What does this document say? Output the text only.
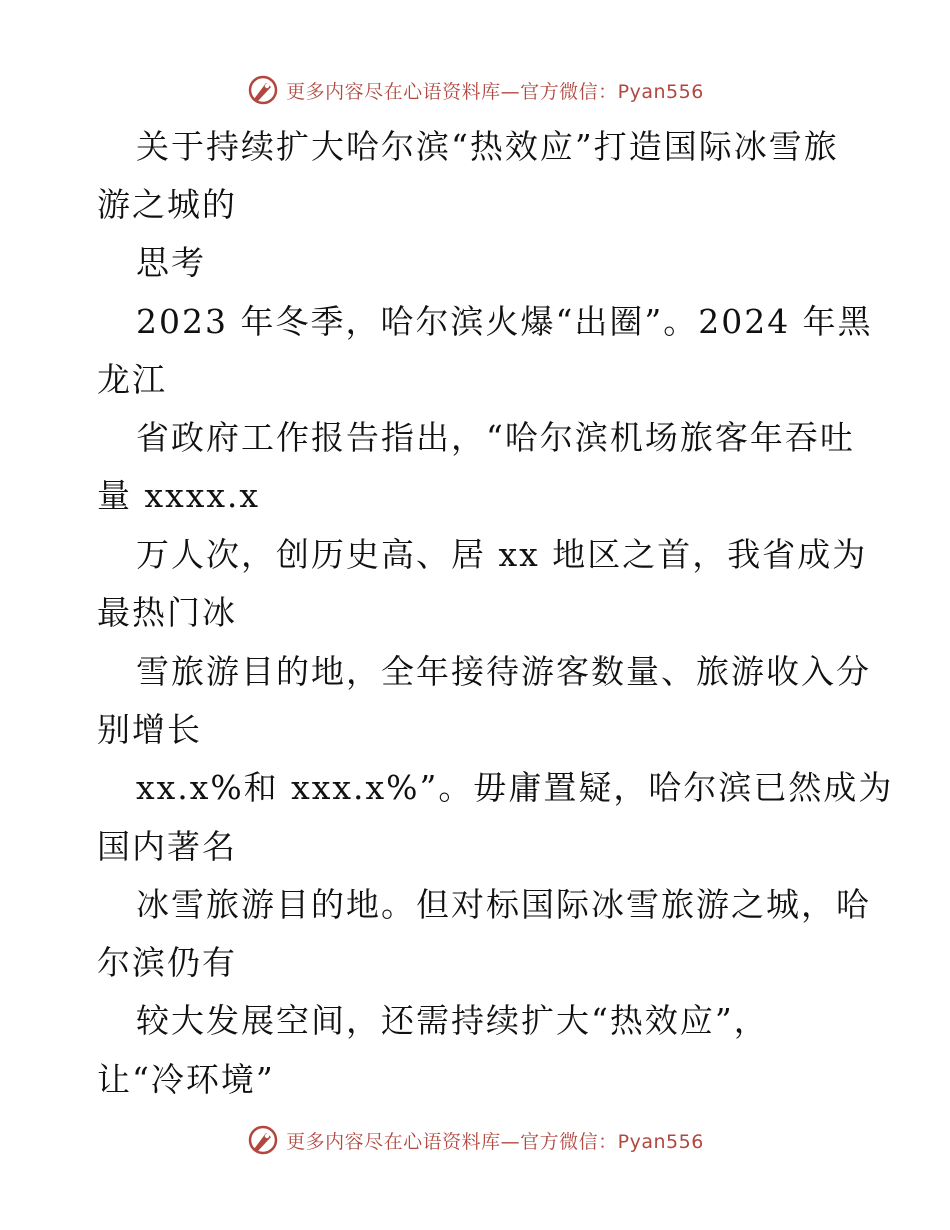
更多内容尽在心语资料库—官方微信：Pyan556
关于持续扩大哈尔滨“热效应”打造国际冰雪旅
游之城的
思考
2023 年冬季，哈尔滨火爆“出圈”。2024 年黑
龙江
省政府工作报告指出，“哈尔滨机场旅客年吞吐
量 xxxx.x
万人次，创历史高、居 xx 地区之首，我省成为
最热门冰
雪旅游目的地，全年接待游客数量、旅游收入分
别增长
xx.x%和 xxx.x%”。毋庸置疑，哈尔滨已然成为
国内著名
冰雪旅游目的地。但对标国际冰雪旅游之城，哈
尔滨仍有
较大发展空间，还需持续扩大“热效应”，
让“冷环境”
更多内容尽在心语资料库—官方微信：Pyan556
